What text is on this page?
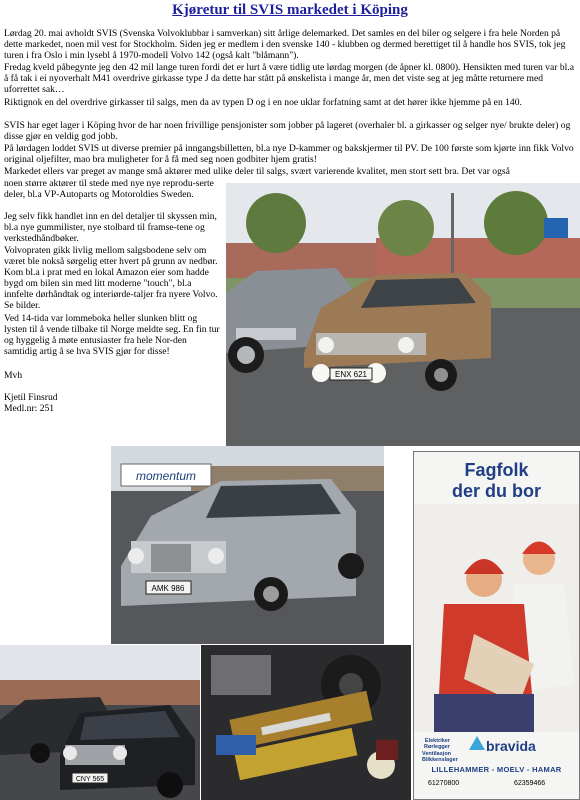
Kjøretur til SVIS markedet i Köping

Lørdag 20. mai avholdt SVIS (Svenska Volvoklubbar i samverkan) sitt årlige delemarked. Det samles en del biler og selgere i fra hele Norden på dette markedet, noen mil vest for Stockholm. Siden jeg er medlem i den svenske 140 - klubben og dermed berettiget til å handle hos SVIS, tok jeg turen i fra Oslo i min lysebl å 1970-modell Volvo 142 (også kalt "blåmann").

Fredag kveld påbegynte jeg den 42 mil lange turen fordi det er lurt å være tidlig ute lørdag morgen (de åpner kl. 0800). Hensikten med turen var bl.a å få tak i ei nyoverhalt M41 overdrive girkasse type J da dette har stått på ønskelista i mange år, men det viste seg at jeg måtte returnere med uforrettet sak…

Riktignok en del overdrive girkasser til salgs, men da av typen D og i en noe uklar forfatning samt at det hører ikke hjemme på en 140.

SVIS har eget lager i Köping hvor de har noen frivillige pensjonister som jobber på lageret (overhaler bl. a girkasser og selger nye/ brukte deler) og disse gjør en veldig god jobb.

På lørdagen loddet SVIS ut diverse premier på inngangsbilletten, bl.a nye D-kammer og bakskjermer til PV. De 100 første som kjørte inn fikk Volvo original oljefilter, mao bra muligheter for å få med seg noen godbiter hjem gratis!

Markedet ellers var preget av mange små aktører med ulike deler til salgs, svært varierende kvalitet, men stort sett bra. Det var også

noen større aktører til stede med nye nye reprodu-serte deler, bl.a VP-Autoparts og Motoroldies Sweden.

Jeg selv fikk handlet inn en del detaljer til skyssen min, bl.a nye gummilister, nye stolbard til framse-tene og verkstedhåndbøker.

Volvopraten gikk livlig mellom salgsbodene selv om været ble nokså sørgelig etter hvert på grunn av nedbør. Kom bl.a i prat med en lokal Amazon eier som hadde bygd om bilen sin med litt moderne "touch", bl.a innfelte dørhåndtak og interiørde-taljer fra nyere Volvo. Se bilder.

Ved 14-tida var lommeboka heller slunken blitt og lysten til å vende tilbake til Norge meldte seg. En fin tur og hyggelig å møte entusiaster fra hele Nor-den samtidig artig å se hva SVIS gjør for disse!

Mvh

Kjetil Finsrud

Medl.nr: 251

ENX 621
momentum
AMK 986
CNY 565
Fagfolk
der du bor
Elektriker
Rørlegger
Ventilasjon
Blikkenslager
bravida
LILLEHAMMER - MOELV - HAMAR
61270800	62359466
